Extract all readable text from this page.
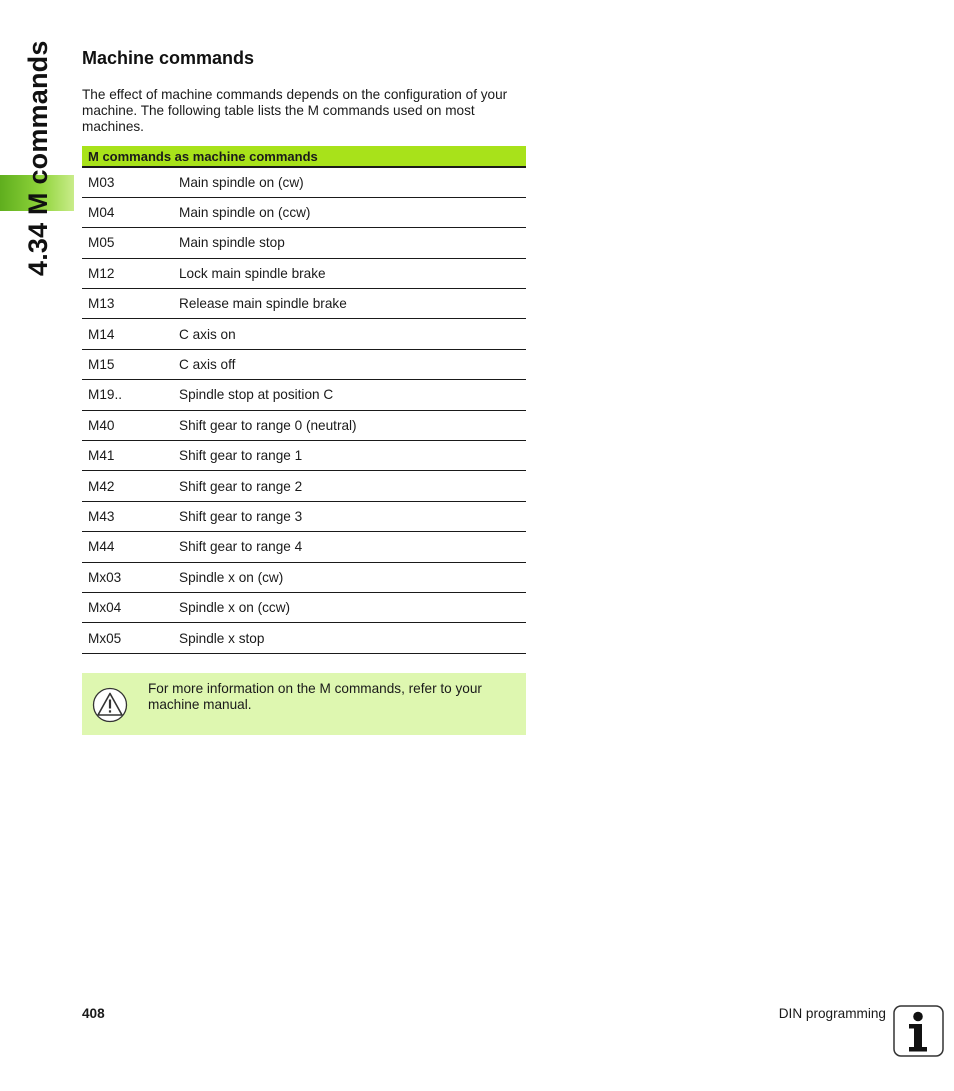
4.34 M commands Machine commands

The effect of machine commands depends on the configuration of your machine. The following table lists the M commands used on most machines.

M commands as machine commands	
M03	Main spindle on (cw)
M04	Main spindle on (ccw)
M05	Main spindle stop
M12	Lock main spindle brake
M13	Release main spindle brake
M14	C axis on
M15	C axis off
M19..	Spindle stop at position C
M40	Shift gear to range 0 (neutral)
M41	Shift gear to range 1
M42	Shift gear to range 2
M43	Shift gear to range 3
M44	Shift gear to range 4
Mx03	Spindle x on (cw)
Mx04	Spindle x on (ccw)
Mx05	Spindle x stop

For more information on the M commands, refer to your machine manual.

408	DIN programming
